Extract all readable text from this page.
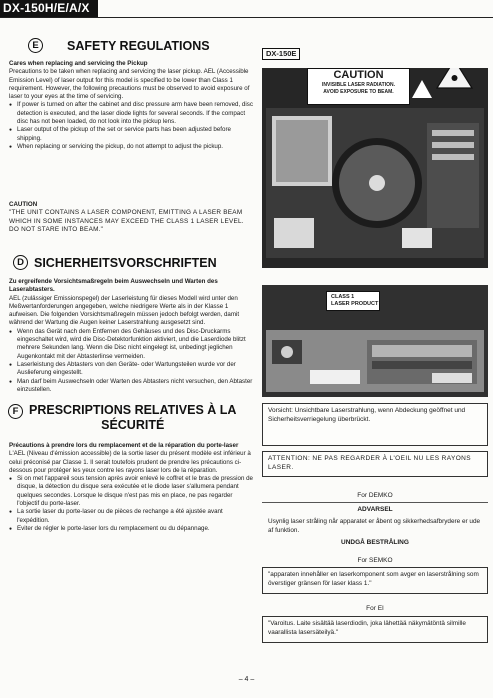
DX-150H/E/A/X
E	SAFETY REGULATIONS
Cares when replacing and servicing the Pickup
Precautions to be taken when replacing and servicing the laser pickup. AEL (Accessible Emission Level) of laser output for this model is specified to be lower than Class 1 requirement. However, the following precautions must be observed to avoid exposure of laser to your eyes at the time of servicing.
● If power is turned on after the cabinet and disc pressure arm have been removed, disc detection is executed, and the laser diode lights for several seconds. If the compact disc has not been loaded, do not look into the pickup lens.
● Laser output of the pickup of the set or service parts has been adjusted before shipping.
● When replacing or servicing the pickup, do not attempt to adjust the pickup.
CAUTION
"THE UNIT CONTAINS A LASER COMPONENT, EMITTING A LASER BEAM WHICH IN SOME INSTANCES MAY EXCEED THE CLASS 1 LASER LEVEL. DO NOT STARE INTO BEAM."
D SICHERHEITSVORSCHRIFTEN
Zu ergreifende Vorsichtsmaßregeln beim Auswechseln und Warten des Laserabtasters.
AEL (zulässiger Emissionspegel) der Laserleistung für dieses Modell wird unter den Meßwertanforderungen angegeben, welche niedrigere Werte als in der Klasse 1 aufweisen. Die folgenden Vorsichtsmaßregeln müssen jedoch befolgt werden, damit während der Wartung die Augen keiner Laserstrahlung ausgesetzt sind.
● Wenn das Gerät nach dem Entfernen des Gehäuses und des Disc-Druckarms eingeschaltet wird, wird die Disc-Detektorfunktion aktiviert, und die Laserdiode blitzt mehrere Sekunden lang. Wenn die Disc nicht eingelegt ist, unbedingt jeglichen Augenkontakt mit der Abtasterlinse vermeiden.
● Laserleistung des Abtasters von den Geräte- oder Wartungsteilen wurde vor der Auslieferung eingestellt.
● Man darf beim Auswechseln oder Warten des Abtasters nicht versuchen, den Abtaster einzustellen.
F PRESCRIPTIONS RELATIVES À LA
SÉCURITÉ
Précautions à prendre lors du remplacement et de la réparation du porte-laser
L'AEL (Niveau d'émission accessible) de la sortie laser du présent modèle est inférieur à celui préconisé par Classe 1. Il serait toutefois prudent de prendre les précautions ci-dessous pour protéger les yeux contre les rayons laser lors de la réparation.
● Si on met l'appareil sous tension après avoir enlevé le coffret et le bras de pression de disque, la détection du disque sera exécutée et le diode laser s'allumera pendant quelques secondes. Lorsque le disque n'est pas mis en place, ne pas regarder l'objectif du porte-laser.
● La sortie laser du porte-laser ou de pièces de rechange a été ajustée avant l'expédition.
● Eviter de régler le porte-laser lors du remplacement ou du dépannage.
DX-150E
CAUTION
INVISIBLE LASER RADIATION.
AVOID EXPOSURE TO BEAM.
CLASS 1
LASER PRODUCT
Vorsicht: Unsichtbare Laserstrahlung, wenn Abdeckung geöffnet und Sicherheitsverriegelung überbrückt.
ATTENTION: NE PAS REGARDER À L'OEIL NU LES RAYONS LASER.
For DEMKO
ADVARSEL
Usynlig laser stråling når apparatet er åbent og sikkerhedsafbrydere er ude af funktion.
UNDGÅ BESTRÅLING
For SEMKO
"apparaten innehåller en laserkomponent som avger en laserstrålning som överstiger gränsen för laser klass 1."
For EI
"Varoitus. Laite sisältää laserdiodin, joka lähettää näkymätöntä silmille vaarallista lasersäteilyä."
– 4 –
